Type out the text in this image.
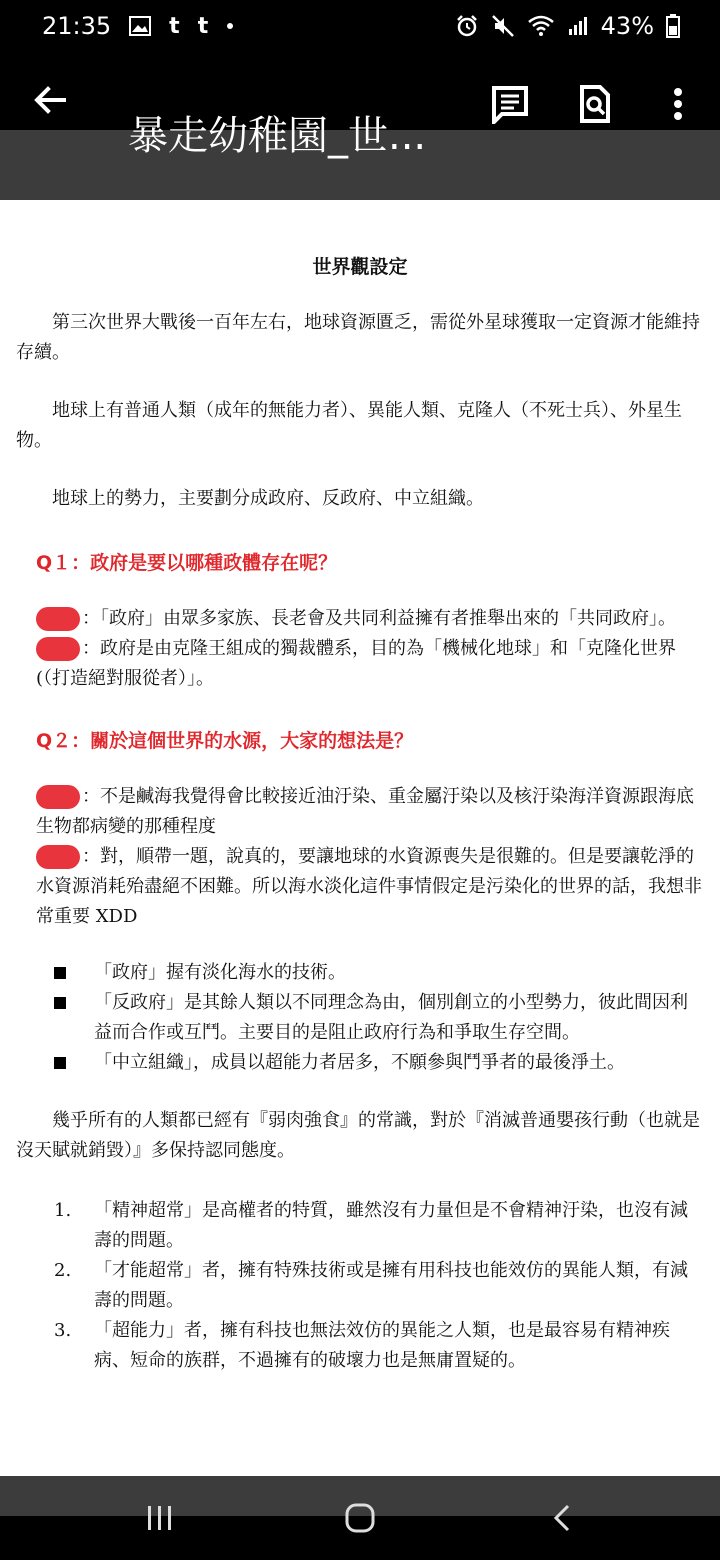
21:35	t t	43%
暴走幼稚園_世...

世界觀設定

　　第三次世界大戰後一百年左右，地球資源匱乏，需從外星球獲取一定資源才能維持存續。

　　地球上有普通人類（成年的無能力者）、異能人類、克隆人（不死士兵）、外星生物。

　　地球上的勢力，主要劃分成政府、反政府、中立組織。

Q１：政府是要以哪種政體存在呢？

：「政府」由眾多家族、長老會及共同利益擁有者推舉出來的「共同政府」。
：政府是由克隆王組成的獨裁體系，目的為「機械化地球」和「克隆化世界(（打造絕對服從者）」。

Q２：關於這個世界的水源，大家的想法是？

：不是鹹海我覺得會比較接近油汙染、重金屬汙染以及核汙染海洋資源跟海底生物都病變的那種程度
：對，順帶一題，說真的，要讓地球的水資源喪失是很難的。但是要讓乾淨的水資源消耗殆盡絕不困難。所以海水淡化這件事情假定是污染化的世界的話，我想非常重要 XDD
「政府」握有淡化海水的技術。
「反政府」是其餘人類以不同理念為由，個別創立的小型勢力，彼此間因利益而合作或互鬥。主要目的是阻止政府行為和爭取生存空間。
「中立組織」，成員以超能力者居多，不願參與鬥爭者的最後淨土。

　　幾乎所有的人類都已經有『弱肉強食』的常識，對於『消滅普通嬰孩行動（也就是沒天賦就銷毀）』多保持認同態度。

1. 「精神超常」是高權者的特質，雖然沒有力量但是不會精神汙染，也沒有減壽的問題。
2. 「才能超常」者，擁有特殊技術或是擁有用科技也能效仿的異能人類，有減壽的問題。
3. 「超能力」者，擁有科技也無法效仿的異能之人類，也是最容易有精神疾病、短命的族群，不過擁有的破壞力也是無庸置疑的。
